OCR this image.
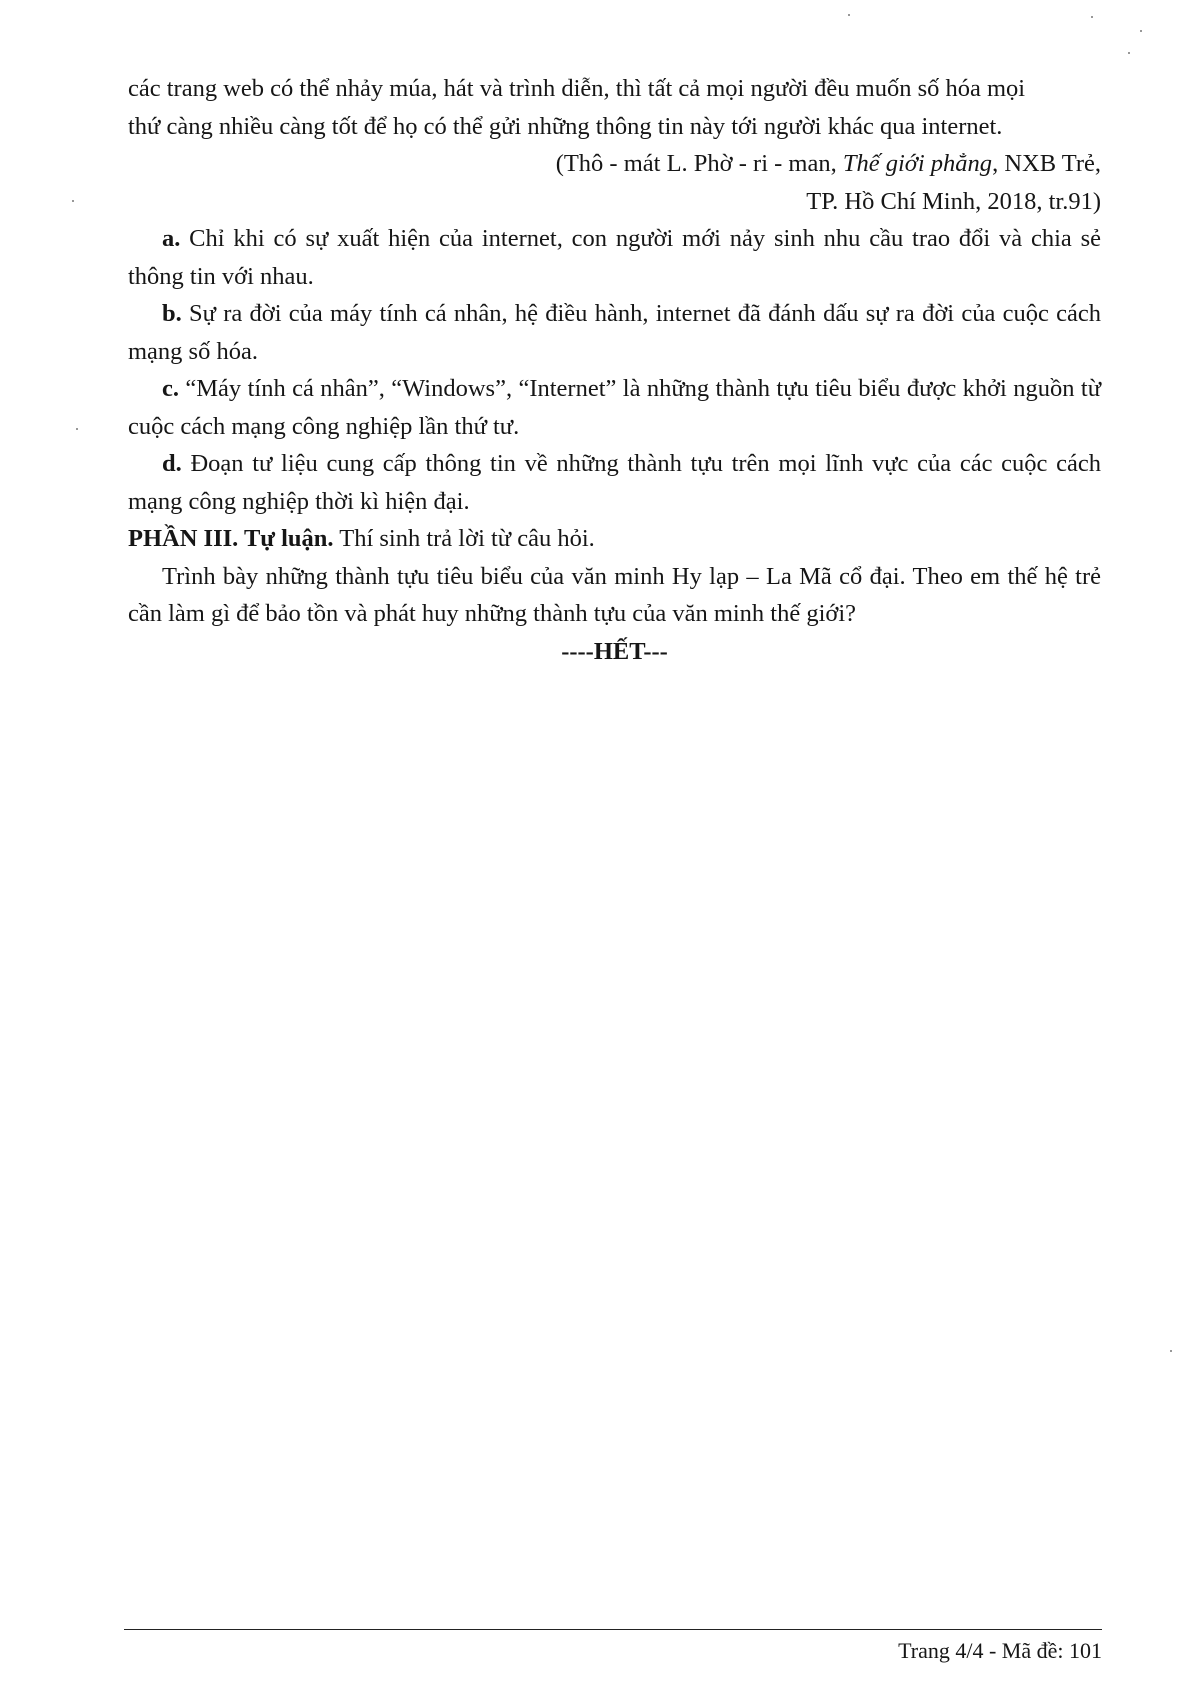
các trang web có thể nhảy múa, hát và trình diễn, thì tất cả mọi người đều muốn số hóa mọi

thứ càng nhiều càng tốt để họ có thể gửi những thông tin này tới người khác qua internet.

(Thô - mát L. Phờ - ri - man, Thế giới phẳng, NXB Trẻ,

TP. Hồ Chí Minh, 2018, tr.91)

a. Chỉ khi có sự xuất hiện của internet, con người mới nảy sinh nhu cầu trao đổi và chia sẻ thông tin với nhau.

b. Sự ra đời của máy tính cá nhân, hệ điều hành, internet đã đánh dấu sự ra đời của cuộc cách mạng số hóa.

c. “Máy tính cá nhân”, “Windows”, “Internet” là những thành tựu tiêu biểu được khởi nguồn từ cuộc cách mạng công nghiệp lần thứ tư.

d. Đoạn tư liệu cung cấp thông tin về những thành tựu trên mọi lĩnh vực của các cuộc cách mạng công nghiệp thời kì hiện đại.

PHẦN III. Tự luận. Thí sinh trả lời từ câu hỏi.

Trình bày những thành tựu tiêu biểu của văn minh Hy lạp – La Mã cổ đại. Theo em thế hệ trẻ cần làm gì để bảo tồn và phát huy những thành tựu của văn minh thế giới?

----HẾT---

Trang 4/4 - Mã đề: 101
